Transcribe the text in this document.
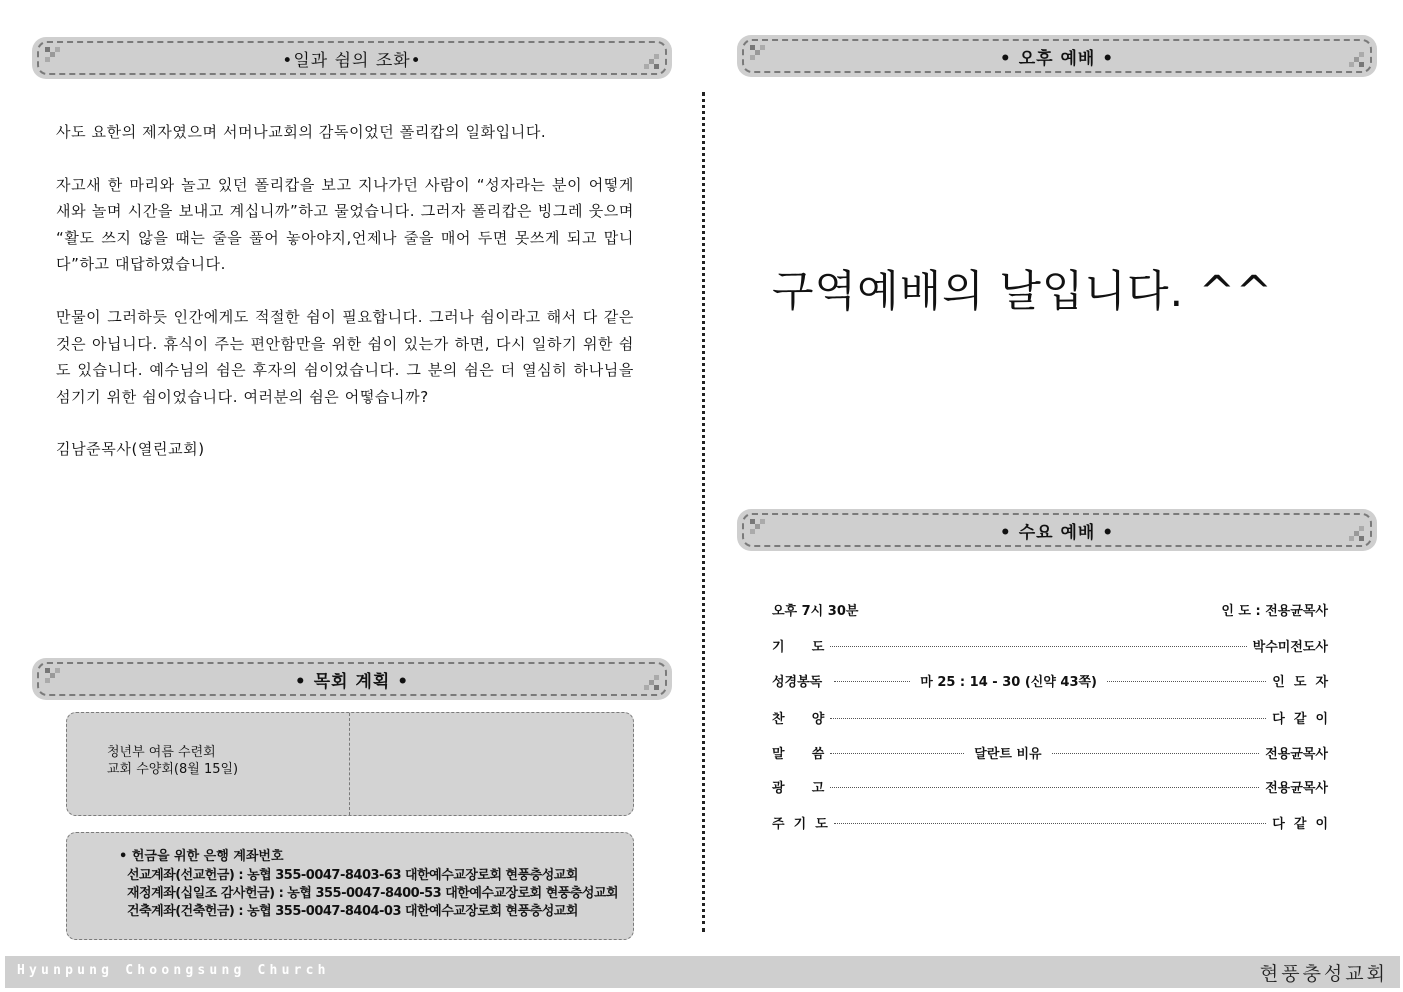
•일과 쉼의 조화•

사도 요한의 제자였으며 서머나교회의 감독이었던 폴리캅의 일화입니다.

자고새 한 마리와 놀고 있던 폴리캅을 보고 지나가던 사람이 “성자라는 분이 어떻게 새와 놀며 시간을 보내고 계십니까”하고 물었습니다. 그러자 폴리캅은 빙그레 웃으며 “활도 쓰지 않을 때는 줄을 풀어 놓아야지,언제나 줄을 매어 두면 못쓰게 되고 맙니다”하고 대답하였습니다.

만물이 그러하듯 인간에게도 적절한 쉼이 필요합니다. 그러나 쉼이라고 해서 다 같은 것은 아닙니다. 휴식이 주는 편안함만을 위한 쉼이 있는가 하면, 다시 일하기 위한 쉼도 있습니다. 예수님의 쉼은 후자의 쉼이었습니다. 그 분의 쉼은 더 열심히 하나님을 섬기기 위한 쉼이었습니다. 여러분의 쉼은 어떻습니까?

김남준목사(열린교회)

• 목회 계획 •
청년부 여름 수련회
교회 수양회(8월 15일)
• 헌금을 위한 은행 계좌번호
선교계좌(선교헌금) : 농협 355-0047-8403-63 대한예수교장로회 현풍충성교회
재정계좌(십일조 감사헌금) : 농협 355-0047-8400-53 대한예수교장로회 현풍충성교회
건축계좌(건축헌금) : 농협 355-0047-8404-03 대한예수교장로회 현풍충성교회
• 오후 예배 •
구역예배의 날입니다. ^^
• 수요 예배 •
오후 7시 30분	인 도 : 전용균목사
기      도	박수미전도사
성경봉독	마 25 : 14 - 30 (신약 43쪽)	인  도  자
찬      양	다  같  이
말      씀	달란트 비유	전용균목사
광      고	전용균목사
주  기  도	다  같  이
Hyunpung Choongsung Church	현풍충성교회
